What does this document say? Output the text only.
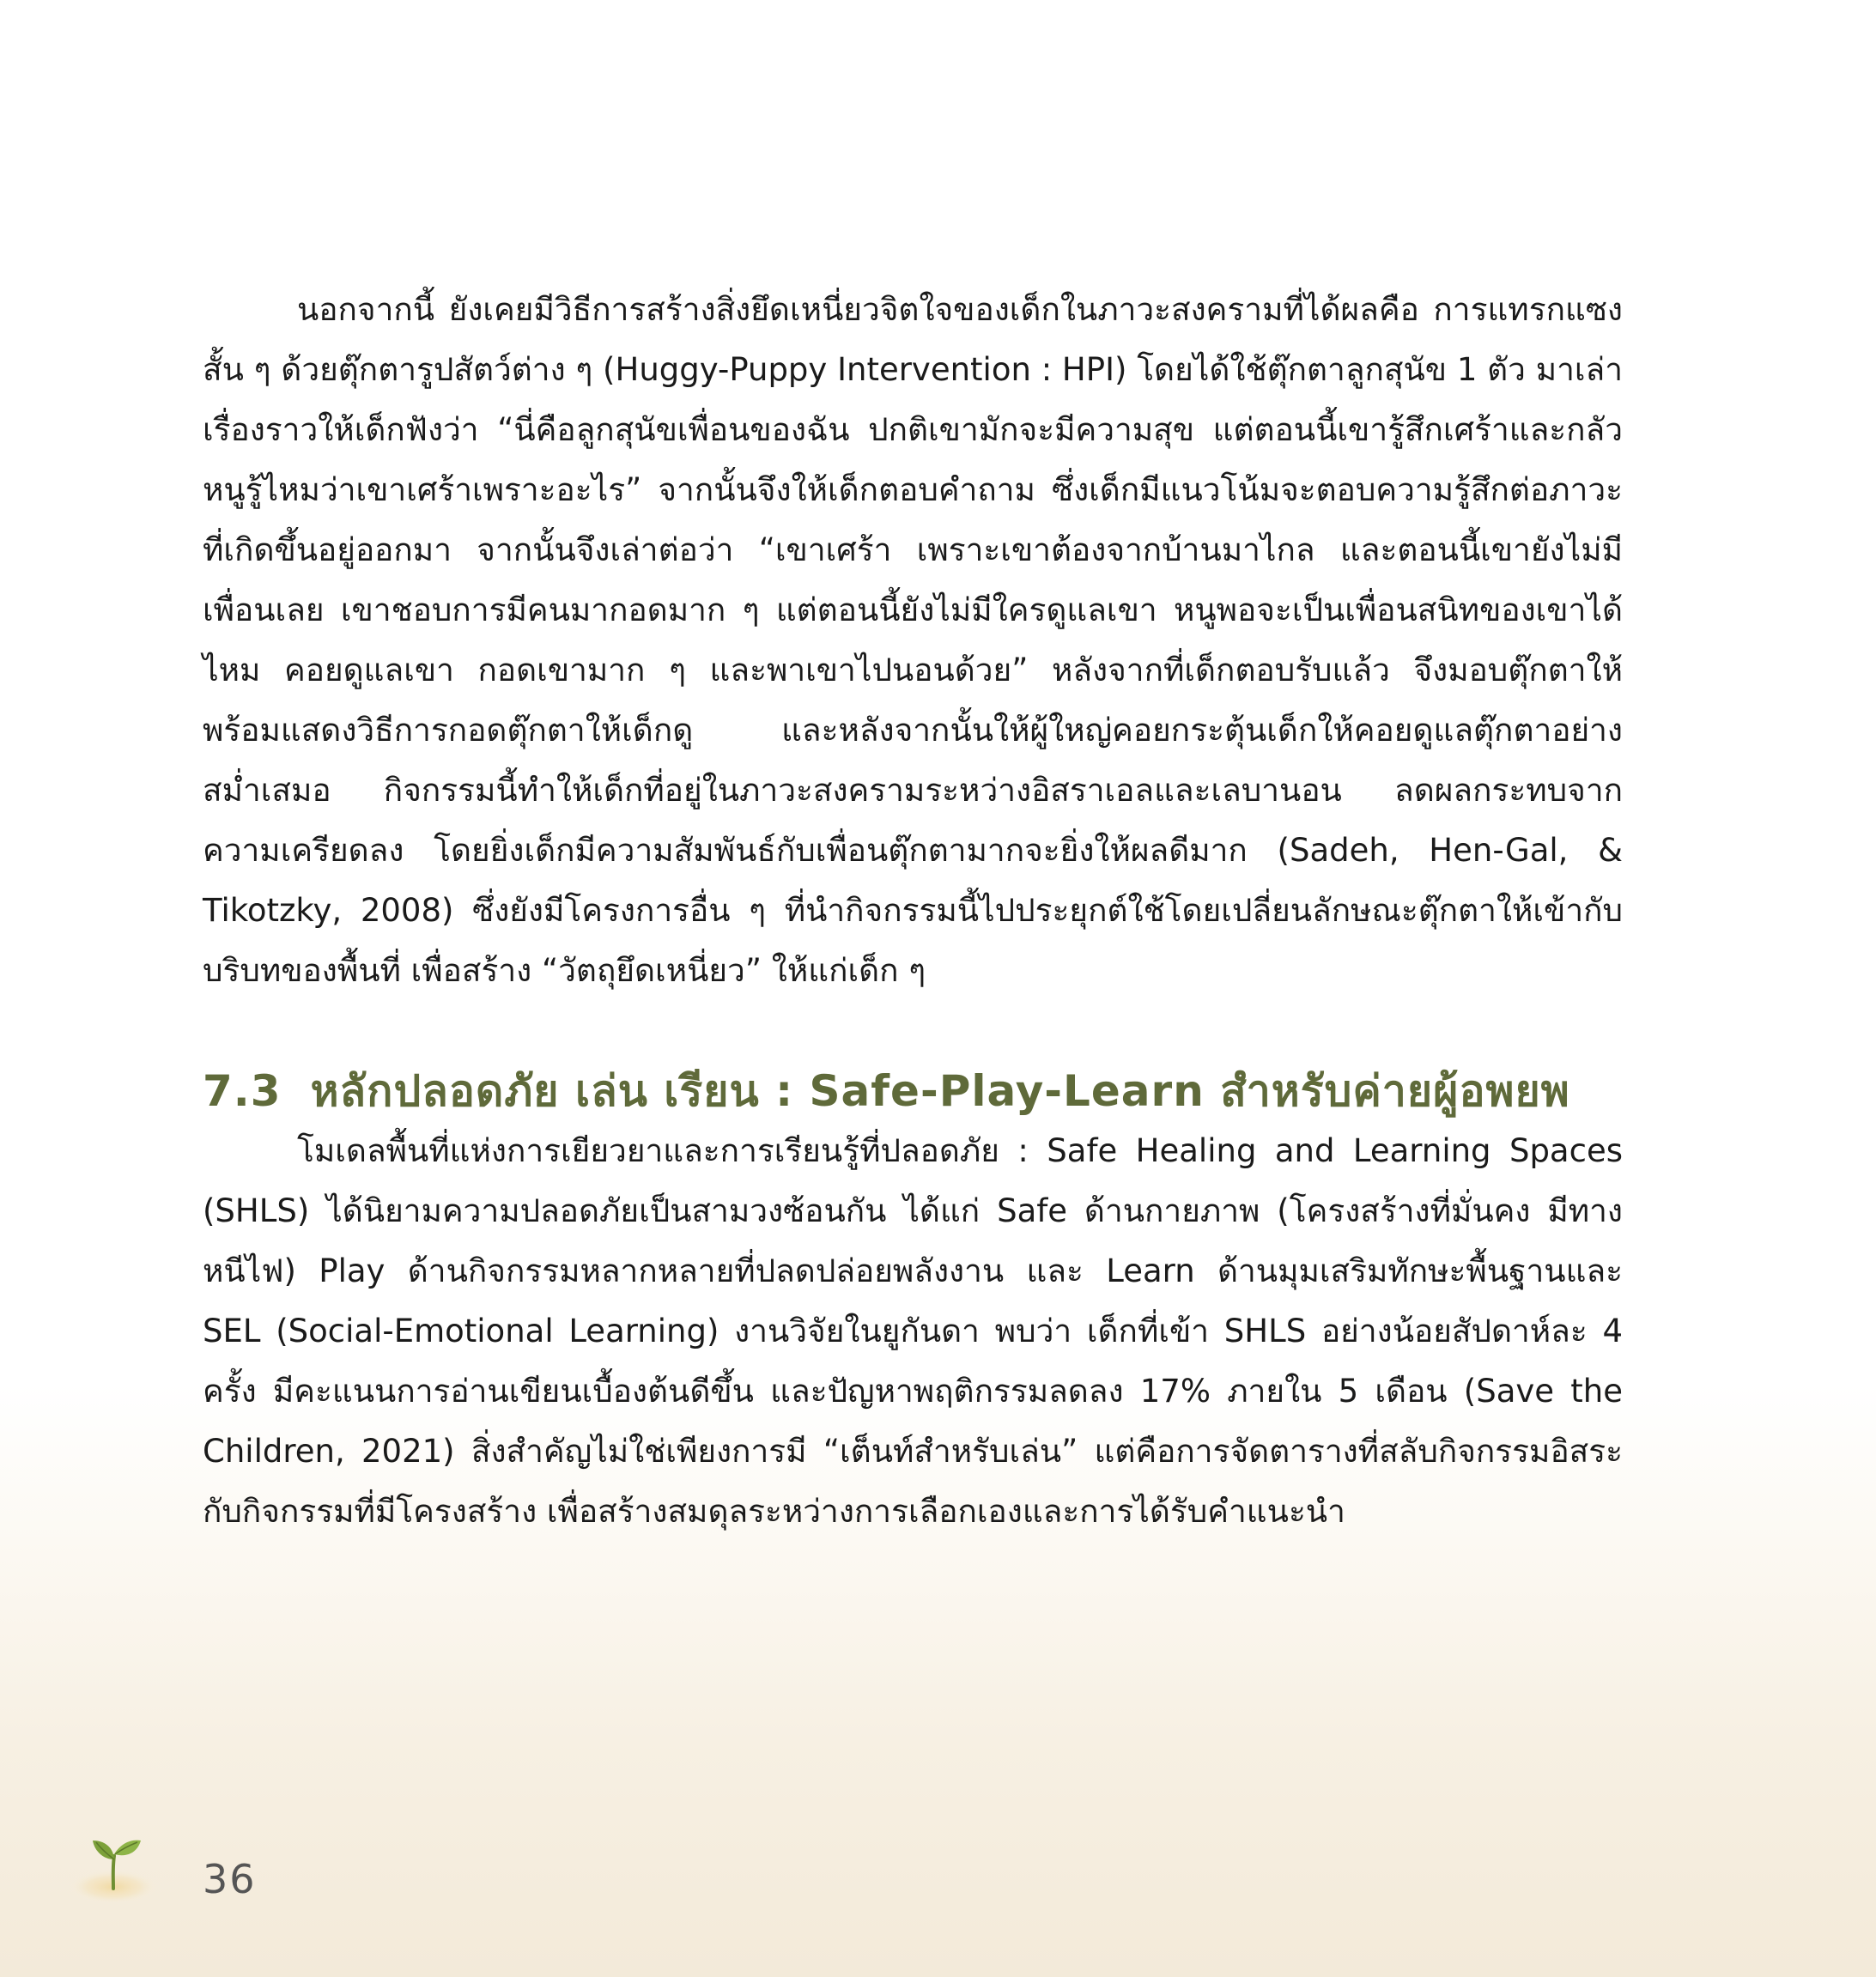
นอกจากนี้ ยังเคยมีวิธีการสร้างสิ่งยึดเหนี่ยวจิตใจของเด็กในภาวะสงครามที่ได้ผลคือ การแทรกแซงสั้น ๆ ด้วยตุ๊กตารูปสัตว์ต่าง ๆ (Huggy-Puppy Intervention : HPI) โดยได้ใช้ตุ๊กตาลูกสุนัข 1 ตัว มาเล่าเรื่องราวให้เด็กฟังว่า “นี่คือลูกสุนัขเพื่อนของฉัน ปกติเขามักจะมีความสุข แต่ตอนนี้เขารู้สึกเศร้าและกลัว หนูรู้ไหมว่าเขาเศร้าเพราะอะไร” จากนั้นจึงให้เด็กตอบคำถาม ซึ่งเด็กมีแนวโน้มจะตอบความรู้สึกต่อภาวะที่เกิดขึ้นอยู่ออกมา จากนั้นจึงเล่าต่อว่า “เขาเศร้า เพราะเขาต้องจากบ้านมาไกล และตอนนี้เขายังไม่มีเพื่อนเลย เขาชอบการมีคนมากอดมาก ๆ แต่ตอนนี้ยังไม่มีใครดูแลเขา หนูพอจะเป็นเพื่อนสนิทของเขาได้ไหม คอยดูแลเขา กอดเขามาก ๆ และพาเขาไปนอนด้วย” หลังจากที่เด็กตอบรับแล้ว จึงมอบตุ๊กตาให้ พร้อมแสดงวิธีการกอดตุ๊กตาให้เด็กดู และหลังจากนั้นให้ผู้ใหญ่คอยกระตุ้นเด็กให้คอยดูแลตุ๊กตาอย่างสม่ำเสมอ กิจกรรมนี้ทำให้เด็กที่อยู่ในภาวะสงครามระหว่างอิสราเอลและเลบานอน ลดผลกระทบจากความเครียดลง โดยยิ่งเด็กมีความสัมพันธ์กับเพื่อนตุ๊กตามากจะยิ่งให้ผลดีมาก (Sadeh, Hen-Gal, & Tikotzky, 2008) ซึ่งยังมีโครงการอื่น ๆ ที่นำกิจกรรมนี้ไปประยุกต์ใช้โดยเปลี่ยนลักษณะตุ๊กตาให้เข้ากับบริบทของพื้นที่ เพื่อสร้าง “วัตถุยึดเหนี่ยว” ให้แก่เด็ก ๆ

7.3 หลักปลอดภัย เล่น เรียน : Safe-Play-Learn สำหรับค่ายผู้อพยพ

โมเดลพื้นที่แห่งการเยียวยาและการเรียนรู้ที่ปลอดภัย : Safe Healing and Learning Spaces (SHLS) ได้นิยามความปลอดภัยเป็นสามวงซ้อนกัน ได้แก่ Safe ด้านกายภาพ (โครงสร้างที่มั่นคง มีทางหนีไฟ) Play ด้านกิจกรรมหลากหลายที่ปลดปล่อยพลังงาน และ Learn ด้านมุมเสริมทักษะพื้นฐานและ SEL (Social-Emotional Learning) งานวิจัยในยูกันดา พบว่า เด็กที่เข้า SHLS อย่างน้อยสัปดาห์ละ 4 ครั้ง มีคะแนนการอ่านเขียนเบื้องต้นดีขึ้น และปัญหาพฤติกรรมลดลง 17% ภายใน 5 เดือน (Save the Children, 2021) สิ่งสำคัญไม่ใช่เพียงการมี “เต็นท์สำหรับเล่น” แต่คือการจัดตารางที่สลับกิจกรรมอิสระกับกิจกรรมที่มีโครงสร้าง เพื่อสร้างสมดุลระหว่างการเลือกเองและการได้รับคำแนะนำ

36
